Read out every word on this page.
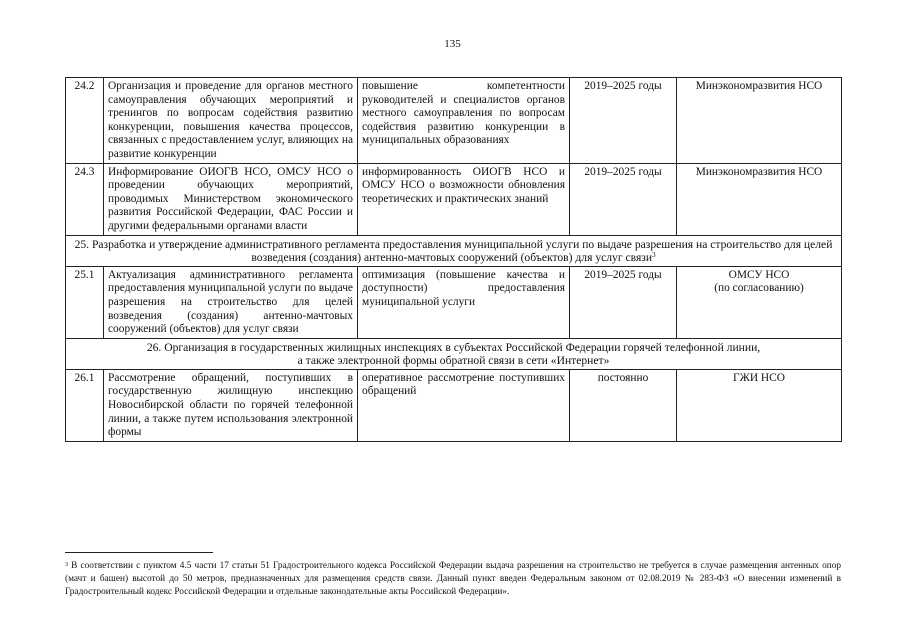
135
24.2	Организация и проведение для органов местного самоуправления обучающих мероприятий и тренингов по вопросам содействия развитию конкуренции, повышения качества процессов, связанных с предоставлением услуг, влияющих на развитие конкуренции	повышение компетентности руководителей и специалистов органов местного самоуправления по вопросам содействия развитию конкуренции в муниципальных образованиях	2019–2025 годы	Минэкономразвития НСО
24.3	Информирование ОИОГВ НСО, ОМСУ НСО о проведении обучающих мероприятий, проводимых Министерством экономического развития Российской Федерации, ФАС России и другими федеральными органами власти	информированность ОИОГВ НСО и ОМСУ НСО о возможности обновления теоретических и практических знаний	2019–2025 годы	Минэкономразвития НСО
25. Разработка и утверждение административного регламента предоставления муниципальной услуги по выдаче разрешения на строительство для целей возведения (создания) антенно-мачтовых сооружений (объектов) для услуг связи$^3$
25.1	Актуализация административного регламента предоставления муниципальной услуги по выдаче разрешения на строительство для целей возведения (создания) антенно-мачтовых сооружений (объектов) для услуг связи	оптимизация (повышение качества и доступности) предоставления муниципальной услуги	2019–2025 годы	ОМСУ НСО
(по согласованию)
26. Организация в государственных жилищных инспекциях в субъектах Российской Федерации горячей телефонной линии,
а также электронной формы обратной связи в сети «Интернет»				
26.1	Рассмотрение обращений, поступивших в государственную жилищную инспекцию Новосибирской области по горячей телефонной линии, а также путем использования электронной формы	оперативное рассмотрение поступивших обращений	постоянно	ГЖИ НСО
$^3$ В соответствии с пунктом 4.5 части 17 статьи 51 Градостроительного кодекса Российской Федерации выдача разрешения на строительство не требуется в случае размещения антенных опор (мачт и башен) высотой до 50 метров, предназначенных для размещения средств связи. Данный пункт введен Федеральным законом от 02.08.2019 № 283-ФЗ «О внесении изменений в Градостроительный кодекс Российской Федерации и отдельные законодательные акты Российской Федерации».
